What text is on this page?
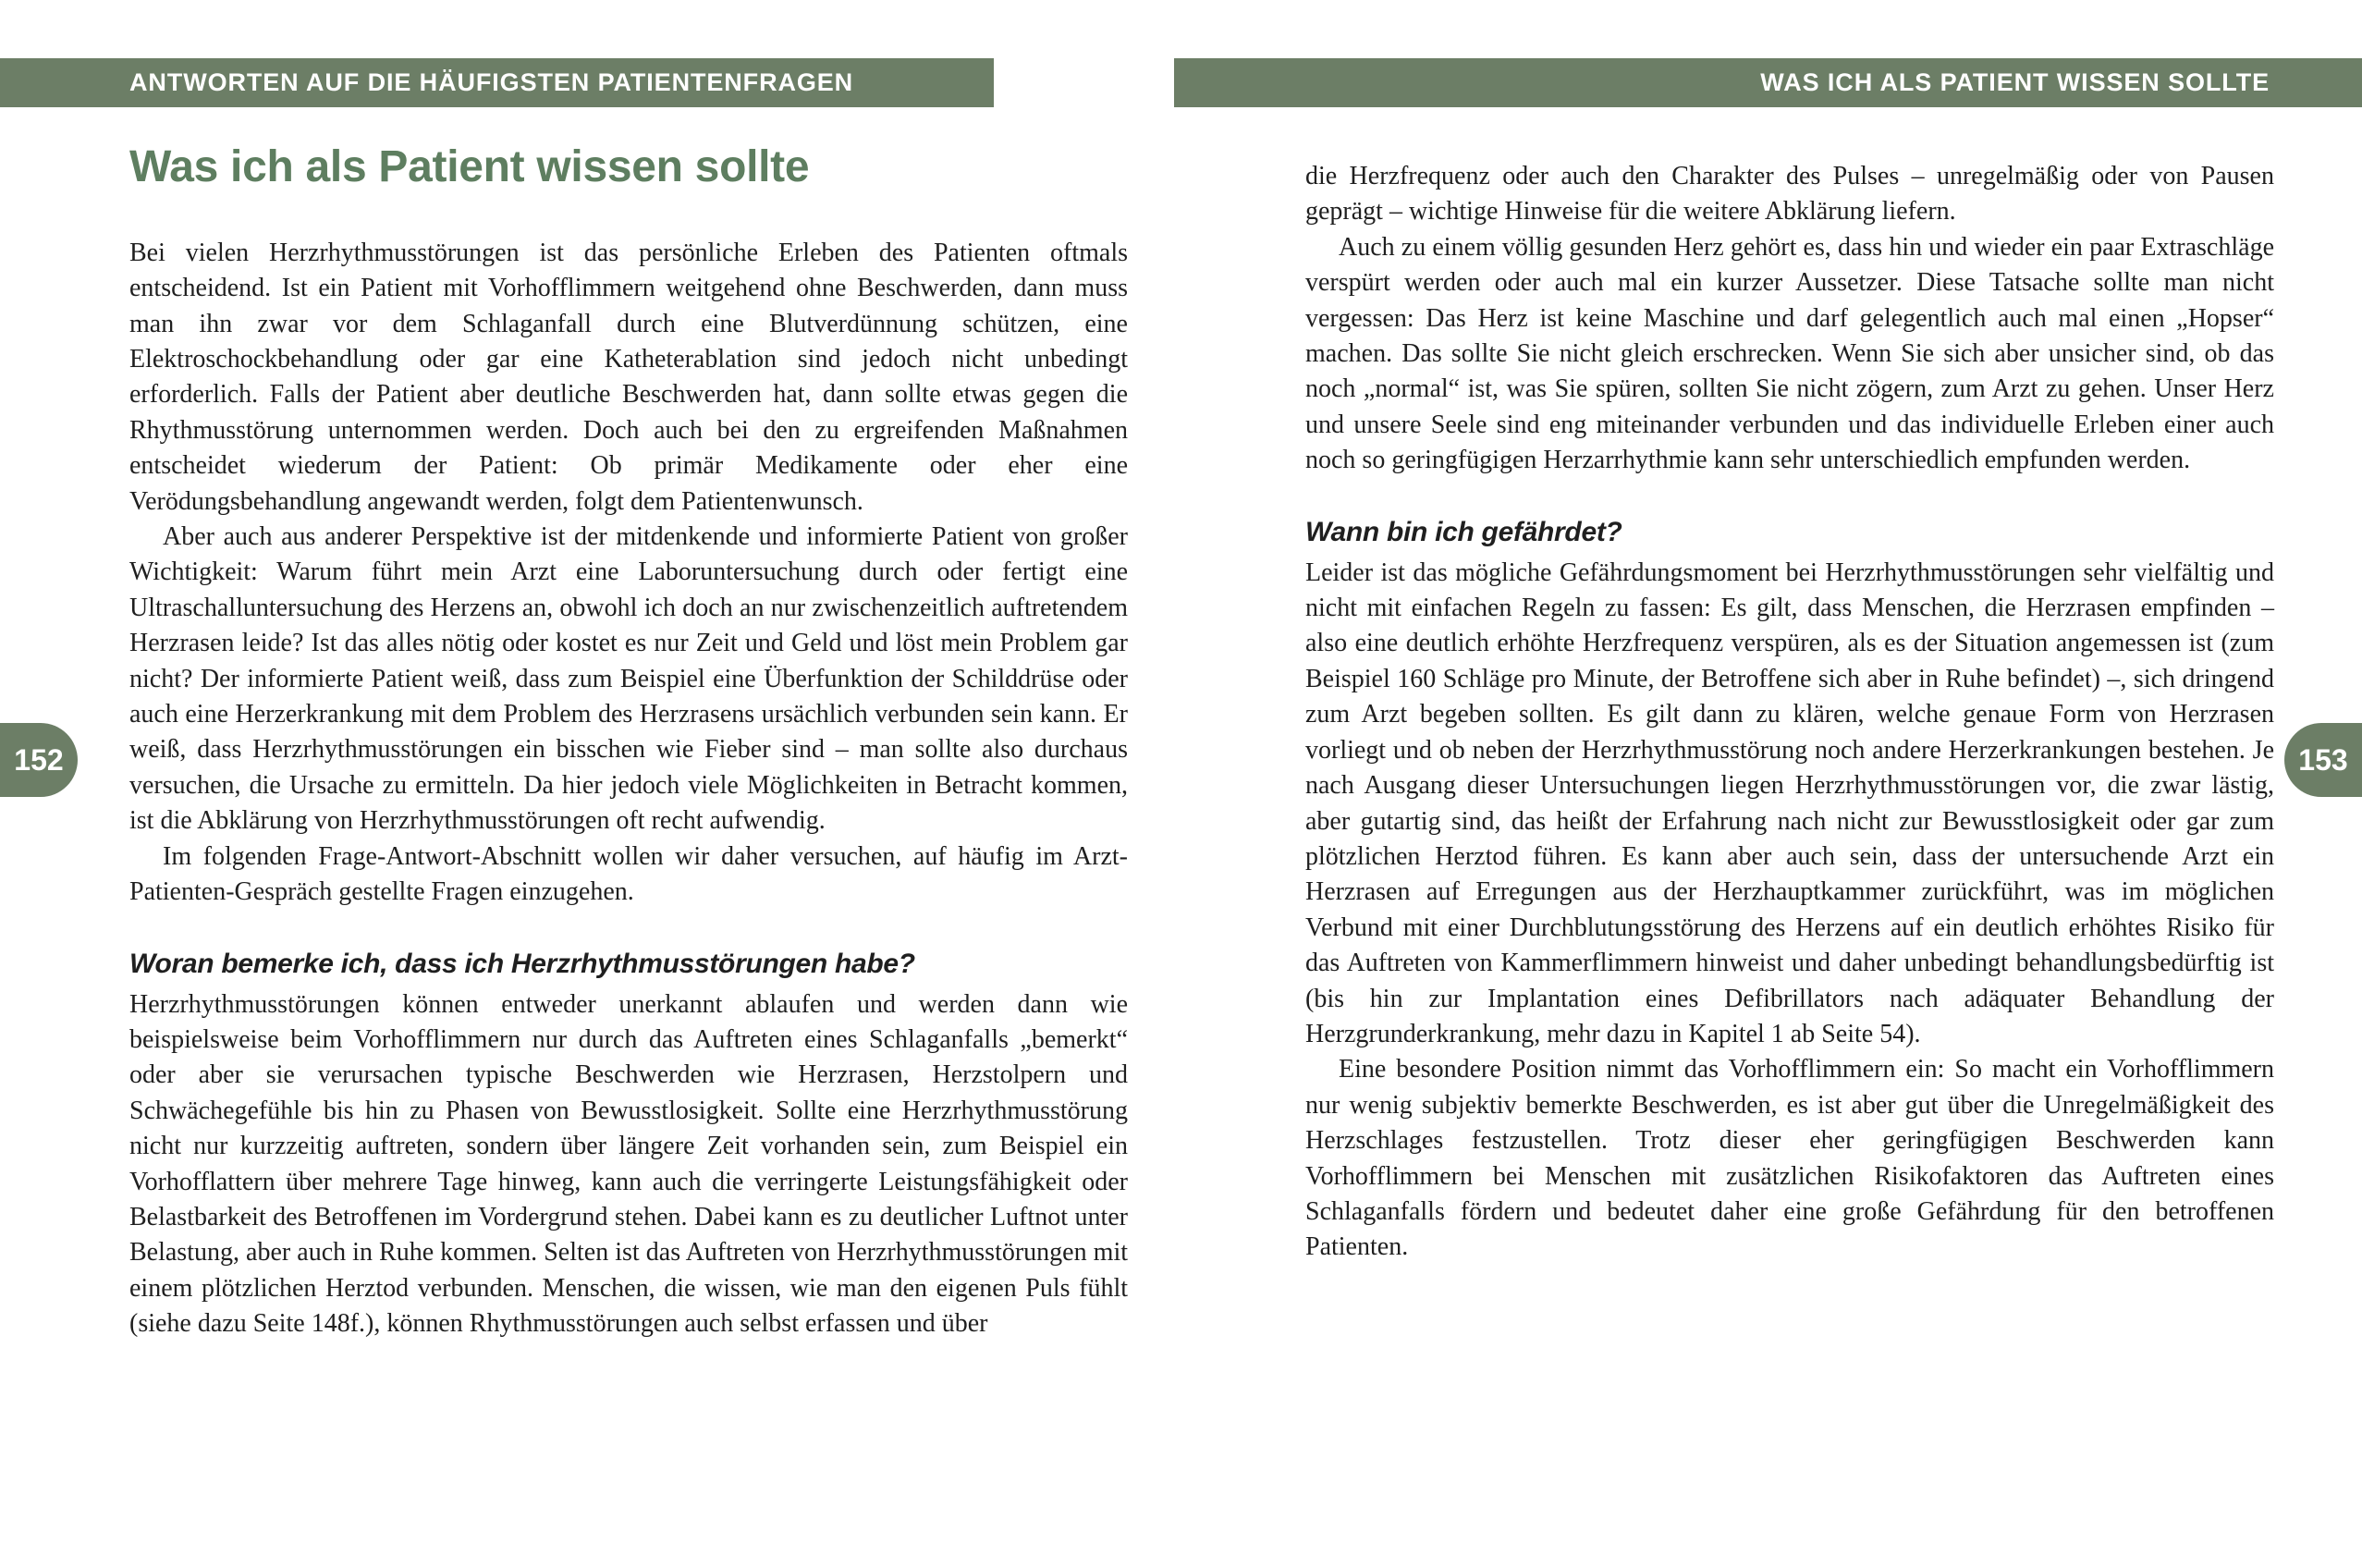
ANTWORTEN AUF DIE HÄUFIGSTEN PATIENTENFRAGEN	WAS ICH ALS PATIENT WISSEN SOLLTE
152	153
Was ich als Patient wissen sollte

Bei vielen Herzrhythmusstörungen ist das persönliche Erleben des Patienten oftmals entscheidend. Ist ein Patient mit Vorhofflimmern weitgehend ohne Beschwerden, dann muss man ihn zwar vor dem Schlaganfall durch eine Blutverdünnung schützen, eine Elektroschockbehandlung oder gar eine Katheterablation sind jedoch nicht unbedingt erforderlich. Falls der Patient aber deutliche Beschwerden hat, dann sollte etwas gegen die Rhythmusstörung unternommen werden. Doch auch bei den zu ergreifenden Maßnahmen entscheidet wiederum der Patient: Ob primär Medikamente oder eher eine Verödungsbehandlung angewandt werden, folgt dem Patientenwunsch.

Aber auch aus anderer Perspektive ist der mitdenkende und informierte Patient von großer Wichtigkeit: Warum führt mein Arzt eine Laboruntersuchung durch oder fertigt eine Ultraschalluntersuchung des Herzens an, obwohl ich doch an nur zwischenzeitlich auftretendem Herzrasen leide? Ist das alles nötig oder kostet es nur Zeit und Geld und löst mein Problem gar nicht? Der informierte Patient weiß, dass zum Beispiel eine Überfunktion der Schilddrüse oder auch eine Herzerkrankung mit dem Problem des Herzrasens ursächlich verbunden sein kann. Er weiß, dass Herzrhythmusstörungen ein bisschen wie Fieber sind – man sollte also durchaus versuchen, die Ursache zu ermitteln. Da hier jedoch viele Möglichkeiten in Betracht kommen, ist die Abklärung von Herzrhythmusstörungen oft recht aufwendig.

Im folgenden Frage-Antwort-Abschnitt wollen wir daher versuchen, auf häufig im Arzt-Patienten-Gespräch gestellte Fragen einzugehen.

Woran bemerke ich, dass ich Herzrhythmusstörungen habe?

Herzrhythmusstörungen können entweder unerkannt ablaufen und werden dann wie beispielsweise beim Vorhofflimmern nur durch das Auftreten eines Schlaganfalls „bemerkt“ oder aber sie verursachen typische Beschwerden wie Herzrasen, Herzstolpern und Schwächegefühle bis hin zu Phasen von Bewusstlosigkeit. Sollte eine Herzrhythmusstörung nicht nur kurzzeitig auftreten, sondern über längere Zeit vorhanden sein, zum Beispiel ein Vorhofflattern über mehrere Tage hinweg, kann auch die verringerte Leistungsfähigkeit oder Belastbarkeit des Betroffenen im Vordergrund stehen. Dabei kann es zu deutlicher Luftnot unter Belastung, aber auch in Ruhe kommen. Selten ist das Auftreten von Herzrhythmusstörungen mit einem plötzlichen Herztod verbunden. Menschen, die wissen, wie man den eigenen Puls fühlt (siehe dazu Seite 148f.), können Rhythmusstörungen auch selbst erfassen und über

die Herzfrequenz oder auch den Charakter des Pulses – unregelmäßig oder von Pausen geprägt – wichtige Hinweise für die weitere Abklärung liefern.

Auch zu einem völlig gesunden Herz gehört es, dass hin und wieder ein paar Extraschläge verspürt werden oder auch mal ein kurzer Aussetzer. Diese Tatsache sollte man nicht vergessen: Das Herz ist keine Maschine und darf gelegentlich auch mal einen „Hopser“ machen. Das sollte Sie nicht gleich erschrecken. Wenn Sie sich aber unsicher sind, ob das noch „normal“ ist, was Sie spüren, sollten Sie nicht zögern, zum Arzt zu gehen. Unser Herz und unsere Seele sind eng miteinander verbunden und das individuelle Erleben einer auch noch so geringfügigen Herzarrhythmie kann sehr unterschiedlich empfunden werden.

Wann bin ich gefährdet?

Leider ist das mögliche Gefährdungsmoment bei Herzrhythmusstörungen sehr vielfältig und nicht mit einfachen Regeln zu fassen: Es gilt, dass Menschen, die Herzrasen empfinden – also eine deutlich erhöhte Herzfrequenz verspüren, als es der Situation angemessen ist (zum Beispiel 160 Schläge pro Minute, der Betroffene sich aber in Ruhe befindet) –, sich dringend zum Arzt begeben sollten. Es gilt dann zu klären, welche genaue Form von Herzrasen vorliegt und ob neben der Herzrhythmusstörung noch andere Herzerkrankungen bestehen. Je nach Ausgang dieser Untersuchungen liegen Herzrhythmusstörungen vor, die zwar lästig, aber gutartig sind, das heißt der Erfahrung nach nicht zur Bewusstlosigkeit oder gar zum plötzlichen Herztod führen. Es kann aber auch sein, dass der untersuchende Arzt ein Herzrasen auf Erregungen aus der Herzhauptkammer zurückführt, was im möglichen Verbund mit einer Durchblutungsstörung des Herzens auf ein deutlich erhöhtes Risiko für das Auftreten von Kammerflimmern hinweist und daher unbedingt behandlungsbedürftig ist (bis hin zur Implantation eines Defibrillators nach adäquater Behandlung der Herzgrunderkrankung, mehr dazu in Kapitel 1 ab Seite 54).

Eine besondere Position nimmt das Vorhofflimmern ein: So macht ein Vorhofflimmern nur wenig subjektiv bemerkte Beschwerden, es ist aber gut über die Unregelmäßigkeit des Herzschlages festzustellen. Trotz dieser eher geringfügigen Beschwerden kann Vorhofflimmern bei Menschen mit zusätzlichen Risikofaktoren das Auftreten eines Schlaganfalls fördern und bedeutet daher eine große Gefährdung für den betroffenen Patienten.
